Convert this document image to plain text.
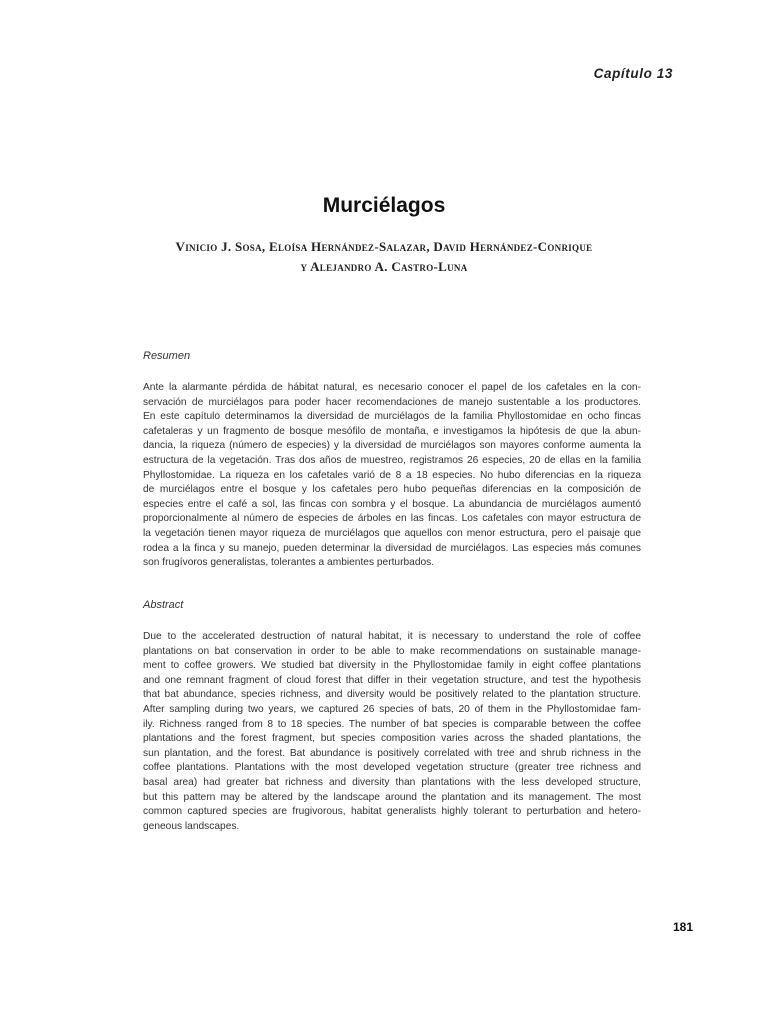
Capítulo 13
Murciélagos
Vinicio J. Sosa, Eloísa Hernández-Salazar, David Hernández-Conrique
y Alejandro A. Castro-Luna
Resumen
Ante la alarmante pérdida de hábitat natural, es necesario conocer el papel de los cafetales en la con-
servación de murciélagos para poder hacer recomendaciones de manejo sustentable a los productores.
En este capítulo determinamos la diversidad de murciélagos de la familia Phyllostomidae en ocho fincas
cafetaleras y un fragmento de bosque mesófilo de montaña, e investigamos la hipótesis de que la abun-
dancia, la riqueza (número de especies) y la diversidad de murciélagos son mayores conforme aumenta la
estructura de la vegetación. Tras dos años de muestreo, registramos 26 especies, 20 de ellas en la familia
Phyllostomidae. La riqueza en los cafetales varió de 8 a 18 especies. No hubo diferencias en la riqueza
de murciélagos entre el bosque y los cafetales pero hubo pequeñas diferencias en la composición de
especies entre el café a sol, las fincas con sombra y el bosque. La abundancia de murciélagos aumentó
proporcionalmente al número de especies de árboles en las fincas. Los cafetales con mayor estructura de
la vegetación tienen mayor riqueza de murciélagos que aquellos con menor estructura, pero el paisaje que
rodea a la finca y su manejo, pueden determinar la diversidad de murciélagos. Las especies más comunes
son frugívoros generalistas, tolerantes a ambientes perturbados.
Abstract
Due to the accelerated destruction of natural habitat, it is necessary to understand the role of coffee
plantations on bat conservation in order to be able to make recommendations on sustainable manage-
ment to coffee growers. We studied bat diversity in the Phyllostomidae family in eight coffee plantations
and one remnant fragment of cloud forest that differ in their vegetation structure, and test the hypothesis
that bat abundance, species richness, and diversity would be positively related to the plantation structure.
After sampling during two years, we captured 26 species of bats, 20 of them in the Phyllostomidae fam-
ily. Richness ranged from 8 to 18 species. The number of bat species is comparable between the coffee
plantations and the forest fragment, but species composition varies across the shaded plantations, the
sun plantation, and the forest. Bat abundance is positively correlated with tree and shrub richness in the
coffee plantations. Plantations with the most developed vegetation structure (greater tree richness and
basal area) had greater bat richness and diversity than plantations with the less developed structure,
but this pattern may be altered by the landscape around the plantation and its management. The most
common captured species are frugivorous, habitat generalists highly tolerant to perturbation and hetero-
geneous landscapes.
181
